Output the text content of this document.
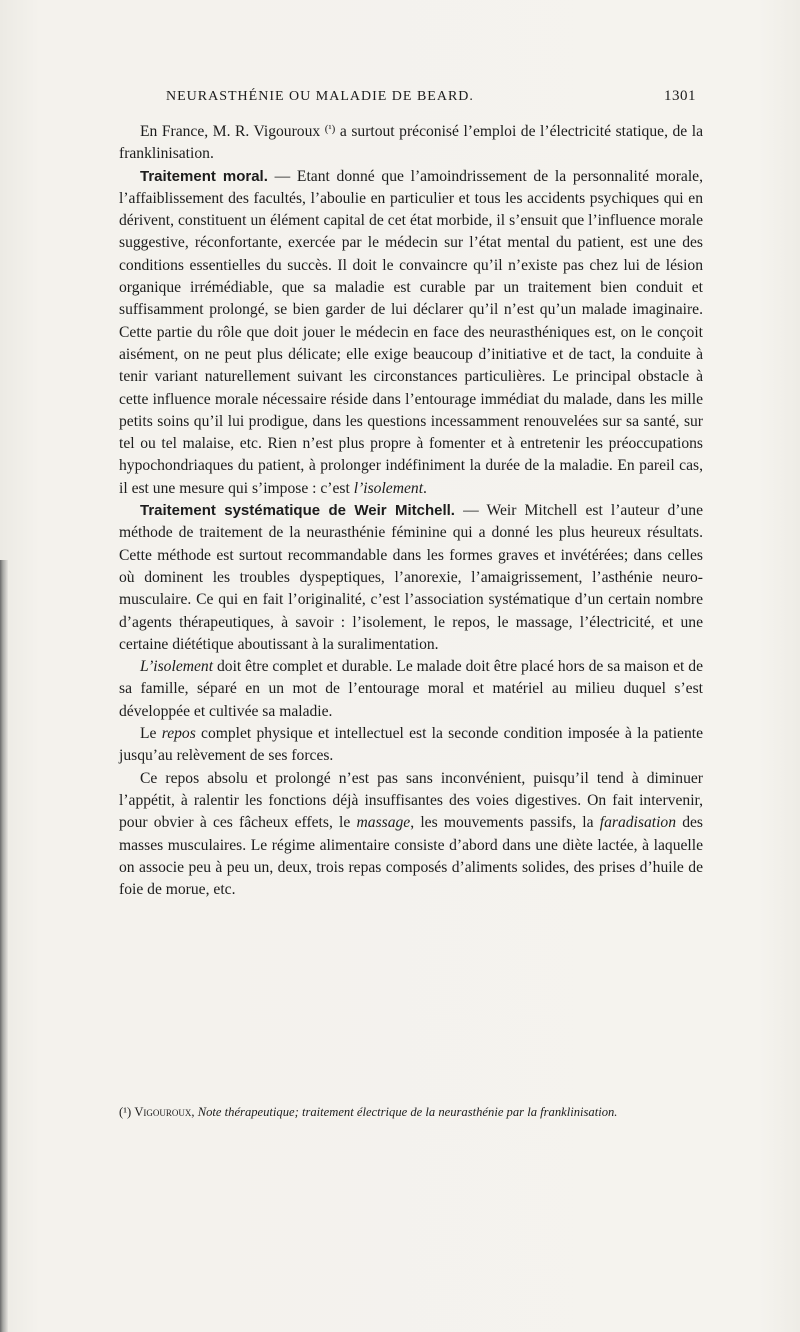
NEURASTHÉNIE OU MALADIE DE BEARD.	1301

En France, M. R. Vigouroux $^{(^1)}$ a surtout préconisé l’emploi de l’électricité statique, de la franklinisation.

Traitement moral. — Etant donné que l’amoindrissement de la personnalité morale, l’affaiblissement des facultés, l’aboulie en particulier et tous les accidents psychiques qui en dérivent, constituent un élément capital de cet état morbide, il s’ensuit que l’influence morale suggestive, réconfortante, exercée par le médecin sur l’état mental du patient, est une des conditions essentielles du succès. Il doit le convaincre qu’il n’existe pas chez lui de lésion organique irrémédiable, que sa maladie est curable par un traitement bien conduit et suffisamment prolongé, se bien garder de lui déclarer qu’il n’est qu’un malade imaginaire. Cette partie du rôle que doit jouer le médecin en face des neurasthéniques est, on le conçoit aisément, on ne peut plus délicate; elle exige beaucoup d’initiative et de tact, la conduite à tenir variant naturellement suivant les circonstances particulières. Le principal obstacle à cette influence morale nécessaire réside dans l’entourage immédiat du malade, dans les mille petits soins qu’il lui prodigue, dans les questions incessamment renouvelées sur sa santé, sur tel ou tel malaise, etc. Rien n’est plus propre à fomenter et à entretenir les préoccupations hypochondriaques du patient, à prolonger indéfiniment la durée de la maladie. En pareil cas, il est une mesure qui s’impose : c’est l’isolement.

Traitement systématique de Weir Mitchell. — Weir Mitchell est l’auteur d’une méthode de traitement de la neurasthénie féminine qui a donné les plus heureux résultats. Cette méthode est surtout recommandable dans les formes graves et invétérées; dans celles où dominent les troubles dyspeptiques, l’anorexie, l’amaigrissement, l’asthénie neuro-musculaire. Ce qui en fait l’originalité, c’est l’association systématique d’un certain nombre d’agents thérapeutiques, à savoir : l’isolement, le repos, le massage, l’électricité, et une certaine diététique aboutissant à la suralimentation.

L’isolement doit être complet et durable. Le malade doit être placé hors de sa maison et de sa famille, séparé en un mot de l’entourage moral et matériel au milieu duquel s’est développée et cultivée sa maladie.

Le repos complet physique et intellectuel est la seconde condition imposée à la patiente jusqu’au relèvement de ses forces.

Ce repos absolu et prolongé n’est pas sans inconvénient, puisqu’il tend à diminuer l’appétit, à ralentir les fonctions déjà insuffisantes des voies digestives. On fait intervenir, pour obvier à ces fâcheux effets, le massage, les mouvements passifs, la faradisation des masses musculaires. Le régime alimentaire consiste d’abord dans une diète lactée, à laquelle on associe peu à peu un, deux, trois repas composés d’aliments solides, des prises d’huile de foie de morue, etc.

(¹) Vigouroux, Note thérapeutique; traitement électrique de la neurasthénie par la franklinisation.
